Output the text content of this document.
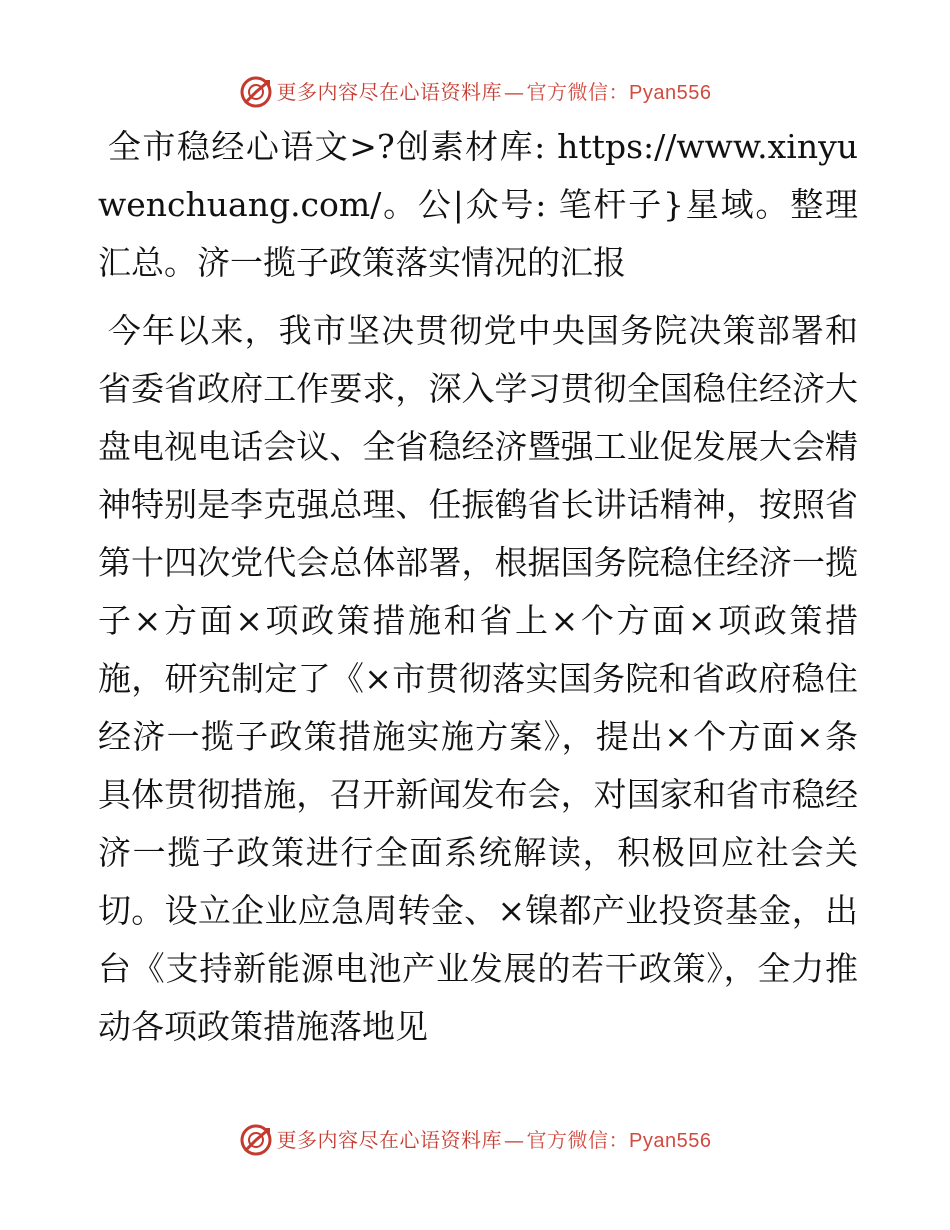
更多内容尽在心语资料库 — 官方微信：Pyan556

全市稳经心语文>?创素材库: https://www.xinyuwenchuang.com/。公|众号: 笔杆子}星域。整理汇总。济一揽子政策落实情况的汇报

今年以来，我市坚决贯彻党中央国务院决策部署和省委省政府工作要求，深入学习贯彻全国稳住经济大盘电视电话会议、全省稳经济暨强工业促发展大会精神特别是李克强总理、任振鹤省长讲话精神，按照省第十四次党代会总体部署，根据国务院稳住经济一揽子×方面×项政策措施和省上×个方面×项政策措施，研究制定了《×市贯彻落实国务院和省政府稳住经济一揽子政策措施实施方案》，提出×个方面×条具体贯彻措施，召开新闻发布会，对国家和省市稳经济一揽子政策进行全面系统解读，积极回应社会关切。设立企业应急周转金、×镍都产业投资基金，出台《支持新能源电池产业发展的若干政策》，全力推动各项政策措施落地见

更多内容尽在心语资料库 — 官方微信：Pyan556
